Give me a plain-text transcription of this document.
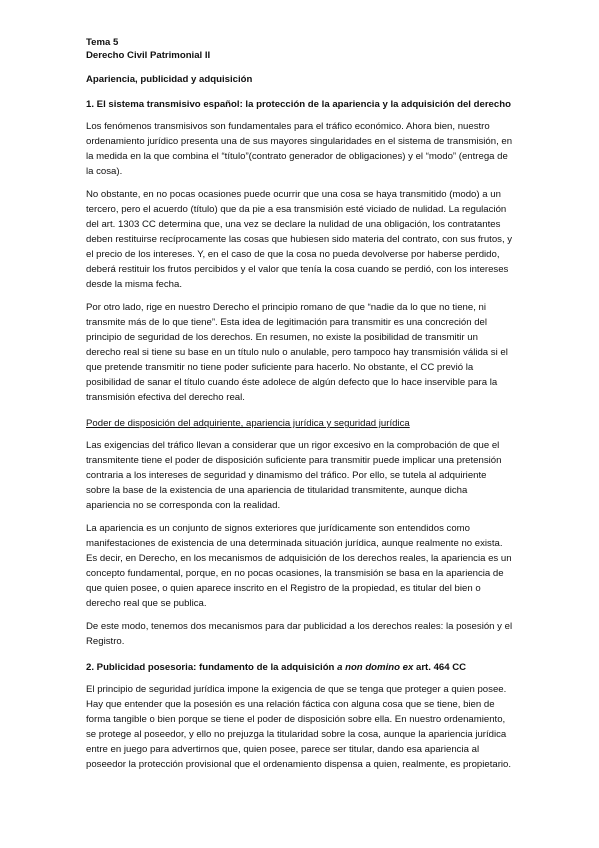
Tema 5
Derecho Civil Patrimonial II
Apariencia, publicidad y adquisición
1. El sistema transmisivo español: la protección de la apariencia y la adquisición del derecho

Los fenómenos transmisivos son fundamentales para el tráfico económico. Ahora bien, nuestro ordenamiento jurídico presenta una de sus mayores singularidades en el sistema de transmisión, en la medida en la que combina el “título”(contrato generador de obligaciones) y el “modo” (entrega de la cosa).

No obstante, en no pocas ocasiones puede ocurrir que una cosa se haya transmitido (modo) a un tercero, pero el acuerdo (título) que da pie a esa transmisión esté viciado de nulidad. La regulación del art. 1303 CC determina que, una vez se declare la nulidad de una obligación, los contratantes deben restituirse recíprocamente las cosas que hubiesen sido materia del contrato, con sus frutos, y el precio de los intereses. Y, en el caso de que la cosa no pueda devolverse por haberse perdido, deberá restituir los frutos percibidos y el valor que tenía la cosa cuando se perdió, con los intereses desde la misma fecha.

Por otro lado, rige en nuestro Derecho el principio romano de que “nadie da lo que no tiene, ni transmite más de lo que tiene”. Esta idea de legitimación para transmitir es una concreción del principio de seguridad de los derechos. En resumen, no existe la posibilidad de transmitir un derecho real si tiene su base en un título nulo o anulable, pero tampoco hay transmisión válida si el que pretende transmitir no tiene poder suficiente para hacerlo. No obstante, el CC previó la posibilidad de sanar el título cuando éste adolece de algún defecto que lo hace inservible para la transmisión efectiva del derecho real.

Poder de disposición del adquiriente, apariencia jurídica y seguridad jurídica

Las exigencias del tráfico llevan a considerar que un rigor excesivo en la comprobación de que el transmitente tiene el poder de disposición suficiente para transmitir puede implicar una pretensión contraria a los intereses de seguridad y dinamismo del tráfico. Por ello, se tutela al adquiriente sobre la base de la existencia de una apariencia de titularidad transmitente, aunque dicha apariencia no se corresponda con la realidad.

La apariencia es un conjunto de signos exteriores que jurídicamente son entendidos como manifestaciones de existencia de una determinada situación jurídica, aunque realmente no exista. Es decir, en Derecho, en los mecanismos de adquisición de los derechos reales, la apariencia es un concepto fundamental, porque, en no pocas ocasiones, la transmisión se basa en la apariencia de que quien posee, o quien aparece inscrito en el Registro de la propiedad, es titular del bien o derecho real que se publica.

De este modo, tenemos dos mecanismos para dar publicidad a los derechos reales: la posesión y el Registro.

2. Publicidad posesoria: fundamento de la adquisición a non domino ex art. 464 CC

El principio de seguridad jurídica impone la exigencia de que se tenga que proteger a quien posee. Hay que entender que la posesión es una relación fáctica con alguna cosa que se tiene, bien de forma tangible o bien porque se tiene el poder de disposición sobre ella. En nuestro ordenamiento, se protege al poseedor, y ello no prejuzga la titularidad sobre la cosa, aunque la apariencia jurídica entre en juego para advertirnos que, quien posee, parece ser titular, dando esa apariencia al poseedor la protección provisional que el ordenamiento dispensa a quien, realmente, es propietario.
